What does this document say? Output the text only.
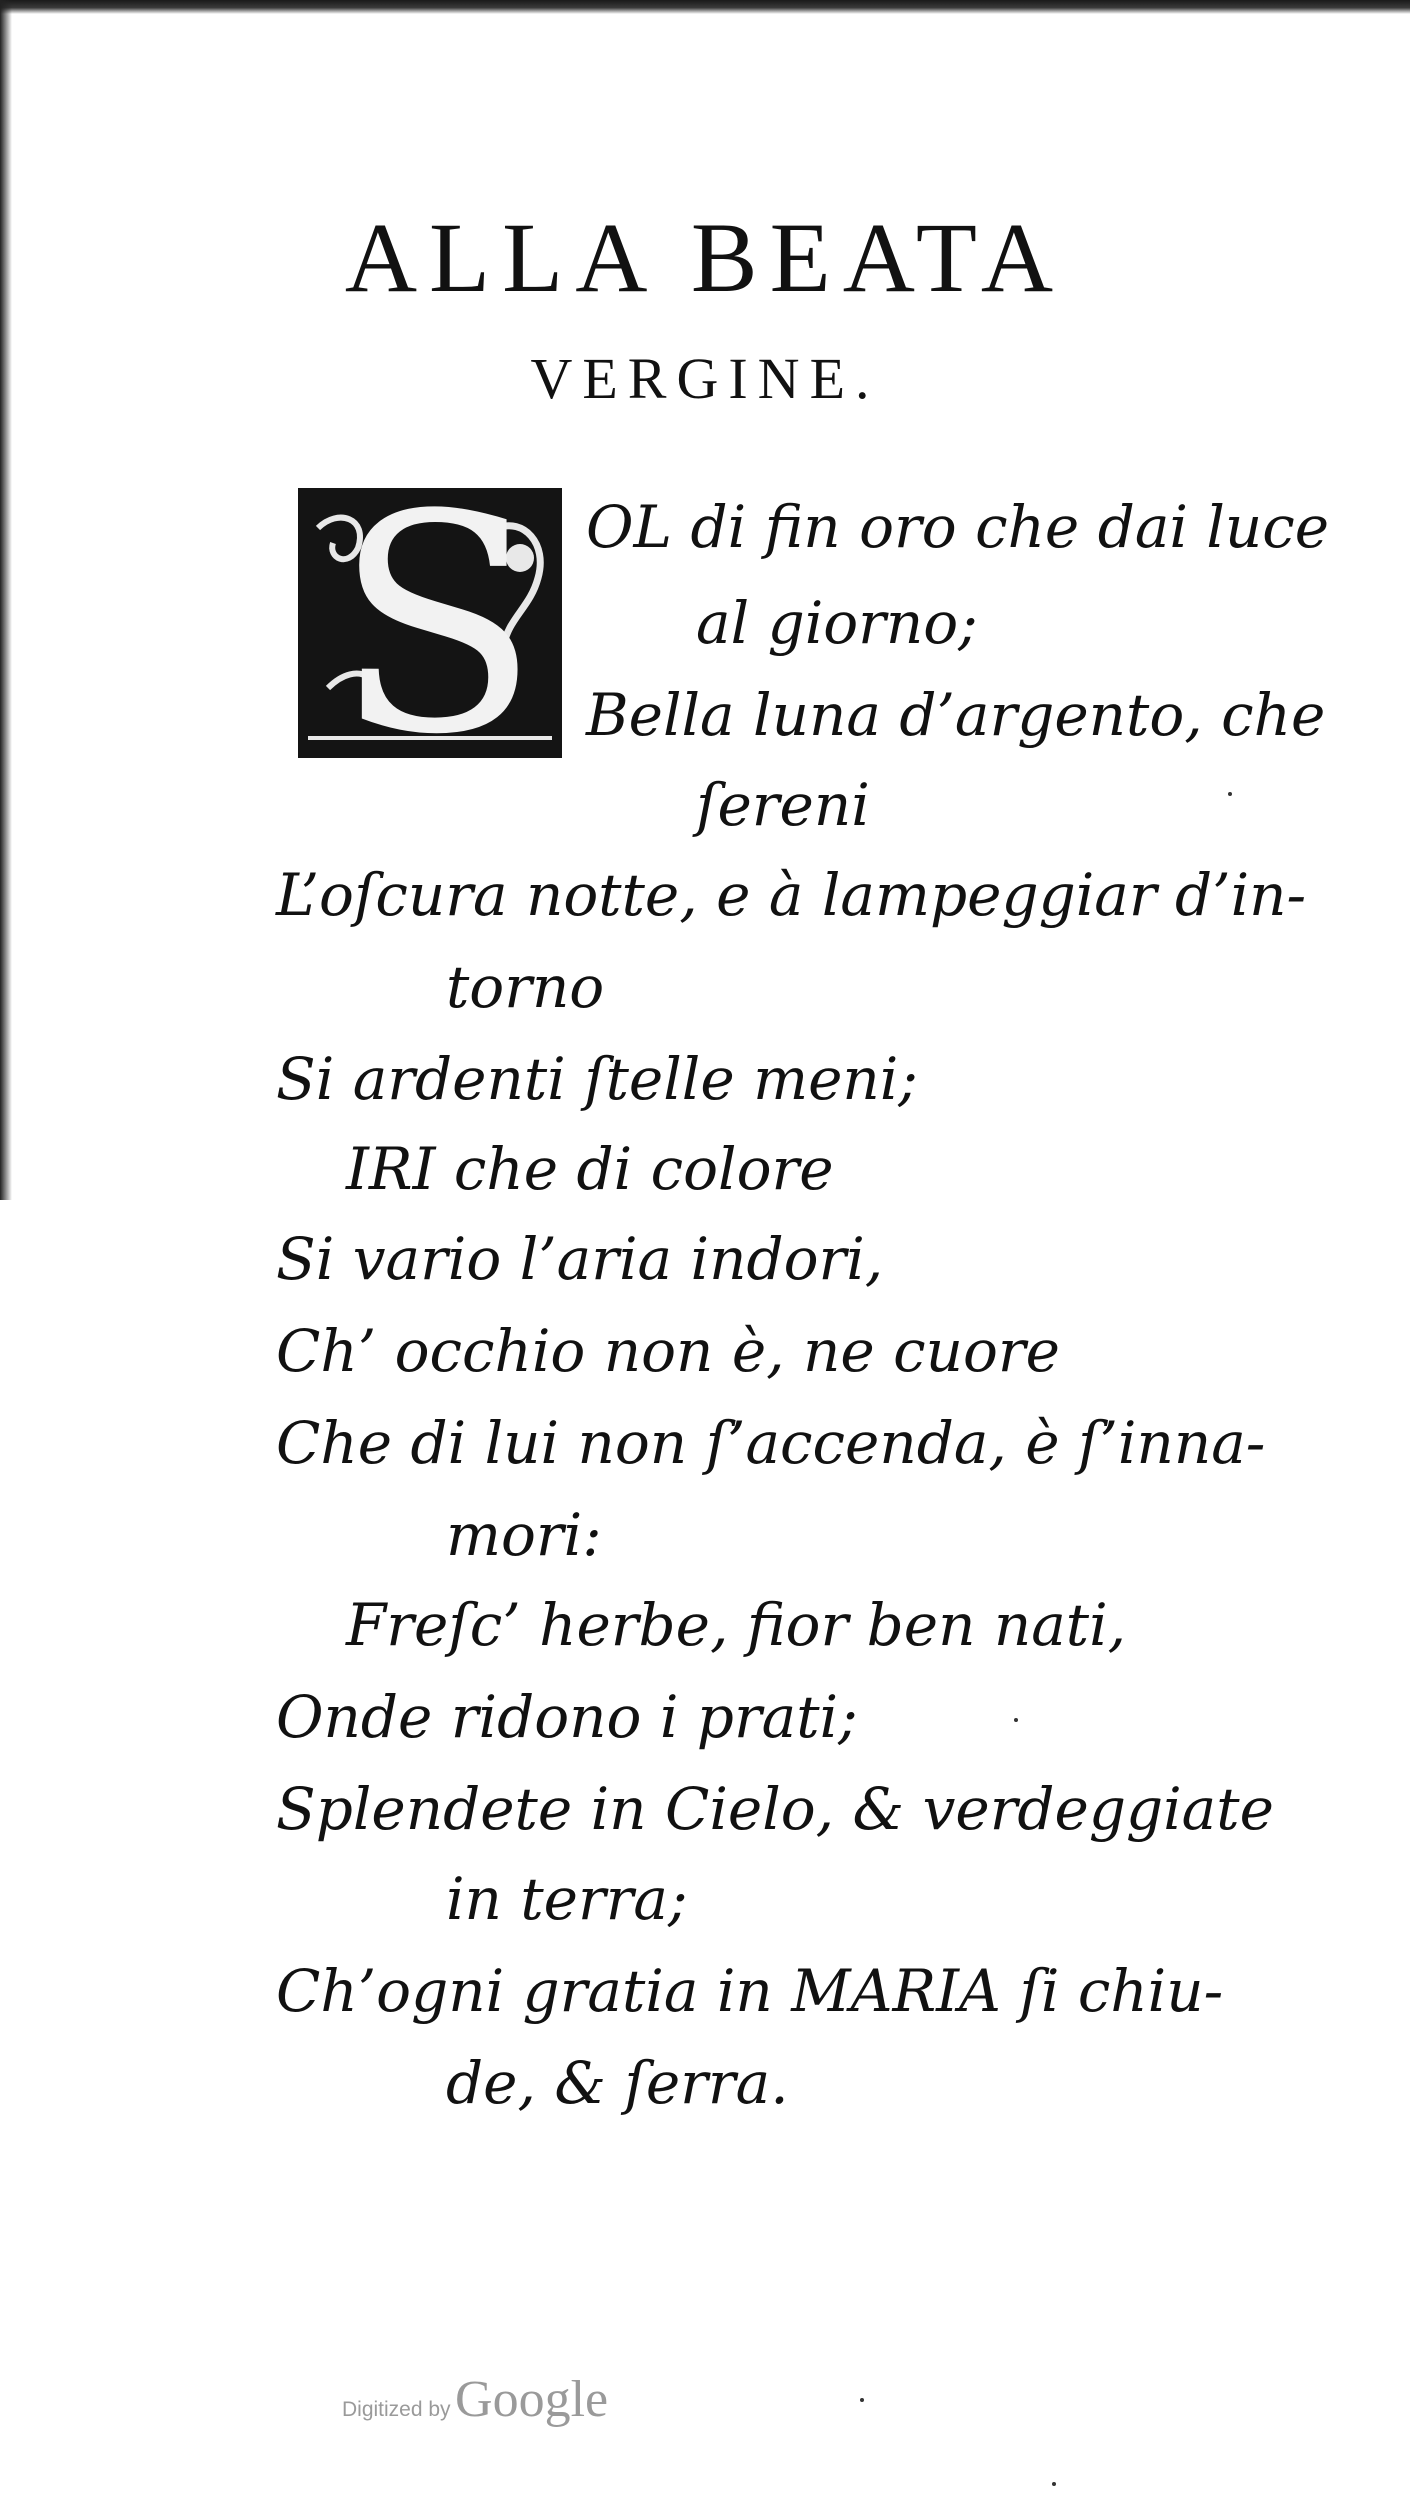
ALLA BEATA
VERGINE.
S OL di fin oro che dai luce

al giorno;

Bella luna d’argento, che

ſereni

L’oſcura notte, e à lampeggiar d’in-

torno

Si ardenti ſtelle meni;

IRI che di colore

Si vario l’aria indori,

Ch’ occhio non è, ne cuore

Che di lui non ſ’accenda, è ſ’inna-

mori:

Freſc’ herbe, fior ben nati,

Onde ridono i prati;

Splendete in Cielo, & verdeggiate

in terra;

Ch’ogni gratia in MARIA ſi chiu-

de, & ſerra.

Digitized by Google
